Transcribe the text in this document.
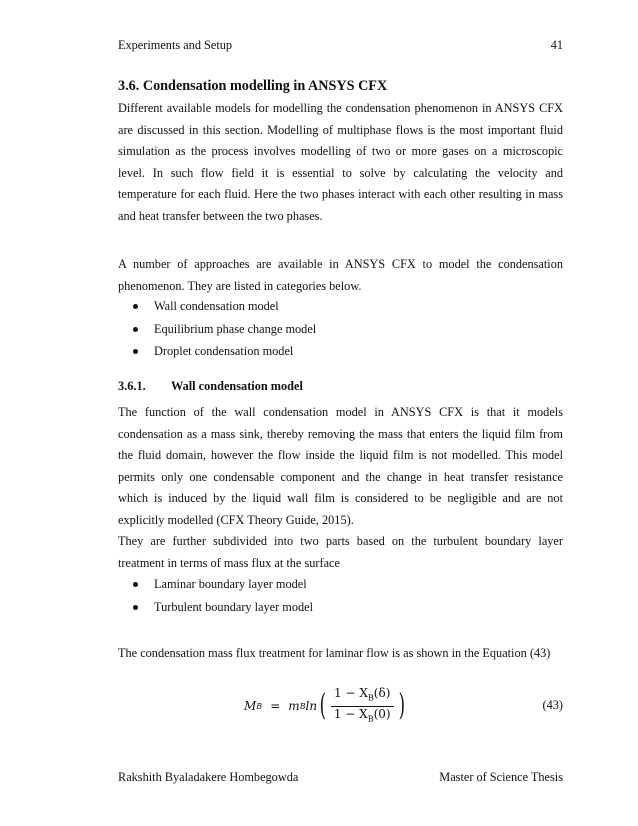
Experiments and Setup	41
3.6. Condensation modelling in ANSYS CFX

Different available models for modelling the condensation phenomenon in ANSYS CFX
are discussed in this section. Modelling of multiphase flows is the most important fluid
simulation as the process involves modelling of two or more gases on a microscopic
level. In such flow field it is essential to solve by calculating the velocity and
temperature for each fluid. Here the two phases interact with each other resulting in mass
and heat transfer between the two phases.

A number of approaches are available in ANSYS CFX to model the condensation
phenomenon. They are listed in categories below.

Wall condensation model
Equilibrium phase change model
Droplet condensation model
3.6.1. Wall condensation model

The function of the wall condensation model in ANSYS CFX is that it models
condensation as a mass sink, thereby removing the mass that enters the liquid film from
the fluid domain, however the flow inside the liquid film is not modelled. This model
permits only one condensable component and the change in heat transfer resistance
which is induced by the liquid wall film is considered to be negligible and are not
explicitly modelled (CFX Theory Guide, 2015).
They are further subdivided into two parts based on the turbulent boundary layer
treatment in terms of mass flux at the surface

Laminar boundary layer model
Turbulent boundary layer model

The condensation mass flux treatment for laminar flow is as shown in the Equation (43)

M B = m B ln ( $\frac{1 - X_B(\delta)}{1 - X_B(0)}$ )	(43)
Rakshith Byaladakere Hombegowda	Master of Science Thesis
